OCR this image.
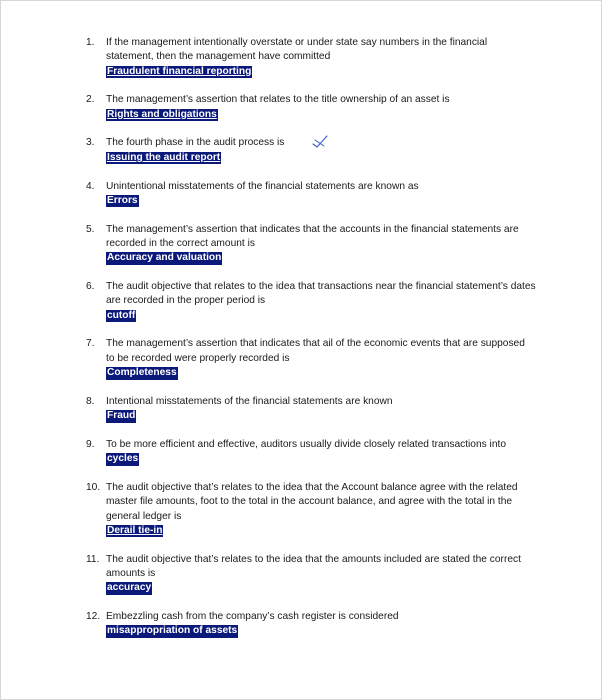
1. If the management intentionally overstate or under state say numbers in the financial statement, then the management have committed
Fraudulent financial reporting
2. The management’s assertion that relates to the title ownership of an asset is
Rights and obligations
3. The fourth phase in the audit process is
Issuing the audit report
4. Unintentional misstatements of the financial statements are known as
Errors
5. The management’s assertion that indicates that the accounts in the financial statements are recorded in the correct amount is
Accuracy and valuation
6. The audit objective that relates to the idea that transactions near the financial statement’s dates are recorded in the proper period is
cutoff
7. The management’s assertion that indicates that ail of the economic events that are supposed to be recorded were properly recorded is
Completeness
8. Intentional misstatements of the financial statements are known
Fraud
9. To be more efficient and effective, auditors usually divide closely related transactions into
cycles
10. The audit objective that’s relates to the idea that the Account balance agree with the related master file amounts, foot to the total in the account balance, and agree with the total in the general ledger is
Derail tie-in
11. The audit objective that’s relates to the idea that the amounts included are stated the correct amounts is
accuracy
12. Embezzling cash from the company’s cash register is considered
misappropriation of assets
